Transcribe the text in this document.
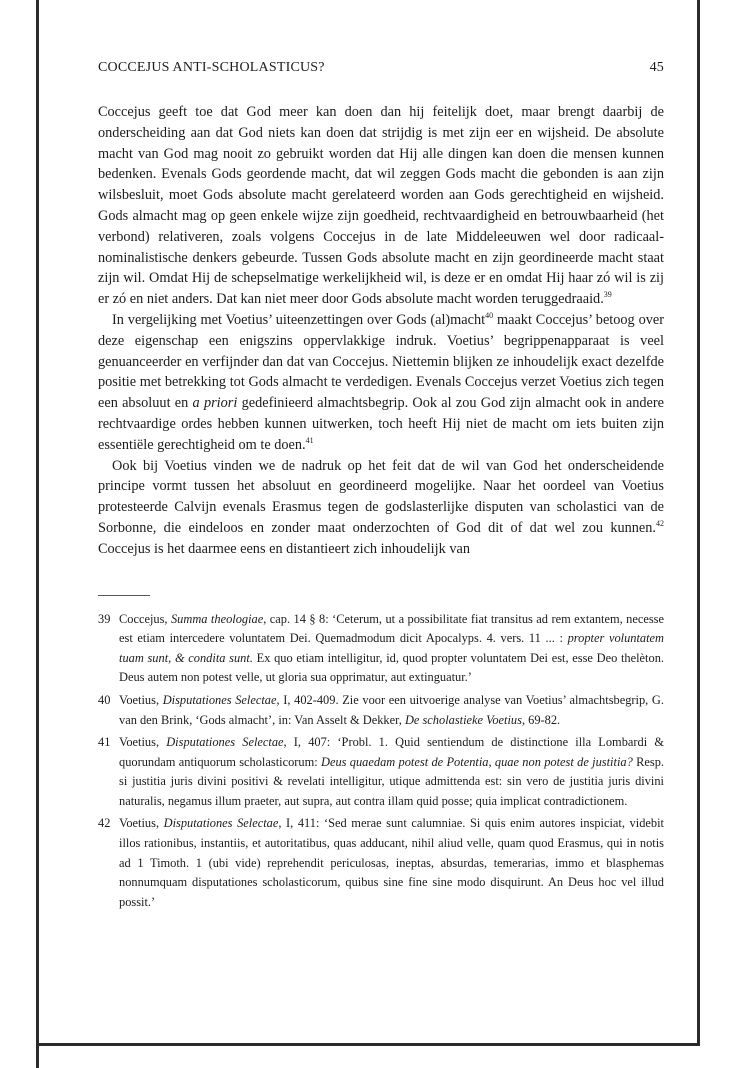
COCCEJUS ANTI-SCHOLASTICUS?	45

Coccejus geeft toe dat God meer kan doen dan hij feitelijk doet, maar brengt daarbij de onderscheiding aan dat God niets kan doen dat strijdig is met zijn eer en wijsheid. De absolute macht van God mag nooit zo gebruikt worden dat Hij alle dingen kan doen die mensen kunnen bedenken. Evenals Gods geordende macht, dat wil zeggen Gods macht die gebonden is aan zijn wilsbesluit, moet Gods absolute macht gerelateerd worden aan Gods gerechtigheid en wijsheid. Gods almacht mag op geen enkele wijze zijn goedheid, rechtvaardigheid en betrouwbaarheid (het verbond) relativeren, zoals volgens Coccejus in de late Middeleeuwen wel door radicaal-nominalistische denkers gebeurde. Tussen Gods absolute macht en zijn geordineerde macht staat zijn wil. Omdat Hij de schepselmatige werkelijkheid wil, is deze er en omdat Hij haar zó wil is zij er zó en niet anders. Dat kan niet meer door Gods absolute macht worden teruggedraaid.$^{39}$

In vergelijking met Voetius’ uiteenzettingen over Gods (al)macht$^{40}$ maakt Coccejus’ betoog over deze eigenschap een enigszins oppervlakkige indruk. Voetius’ begrippenapparaat is veel genuanceerder en verfijnder dan dat van Coccejus. Niettemin blijken ze inhoudelijk exact dezelfde positie met betrekking tot Gods almacht te verdedigen. Evenals Coccejus verzet Voetius zich tegen een absoluut en a priori gedefinieerd almachtsbegrip. Ook al zou God zijn almacht ook in andere rechtvaardige ordes hebben kunnen uitwerken, toch heeft Hij niet de macht om iets buiten zijn essentiële gerechtigheid om te doen.$^{41}$

Ook bij Voetius vinden we de nadruk op het feit dat de wil van God het onderscheidende principe vormt tussen het absoluut en geordineerd mogelijke. Naar het oordeel van Voetius protesteerde Calvijn evenals Erasmus tegen de godslasterlijke disputen van scholastici van de Sorbonne, die eindeloos en zonder maat onderzochten of God dit of dat wel zou kunnen.$^{42}$ Coccejus is het daarmee eens en distantieert zich inhoudelijk van

39 Coccejus, Summa theologiae, cap. 14 § 8: ‘Ceterum, ut a possibilitate fiat transitus ad rem extantem, necesse est etiam intercedere voluntatem Dei. Quemadmodum dicit Apocalyps. 4. vers. 11 ... : propter voluntatem tuam sunt, & condita sunt. Ex quo etiam intelligitur, id, quod propter voluntatem Dei est, esse Deo thelèton. Deus autem non potest velle, ut gloria sua opprimatur, aut extinguatur.’
40 Voetius, Disputationes Selectae, I, 402-409. Zie voor een uitvoerige analyse van Voetius’ almachtsbegrip, G. van den Brink, ‘Gods almacht’, in: Van Asselt & Dekker, De scholastieke Voetius, 69-82.
41 Voetius, Disputationes Selectae, I, 407: ‘Probl. 1. Quid sentiendum de distinctione illa Lombardi & quorundam antiquorum scholasticorum: Deus quaedam potest de Potentia, quae non potest de justitia? Resp. si justitia juris divini positivi & revelati intelligitur, utique admittenda est: sin vero de justitia juris divini naturalis, negamus illum praeter, aut supra, aut contra illam quid posse; quia implicat contradictionem.
42 Voetius, Disputationes Selectae, I, 411: ‘Sed merae sunt calumniae. Si quis enim autores inspiciat, videbit illos rationibus, instantiis, et autoritatibus, quas adducant, nihil aliud velle, quam quod Erasmus, qui in notis ad 1 Timoth. 1 (ubi vide) reprehendit periculosas, ineptas, absurdas, temerarias, immo et blasphemas nonnumquam disputationes scholasticorum, quibus sine fine sine modo disquirunt. An Deus hoc vel illud possit.’
